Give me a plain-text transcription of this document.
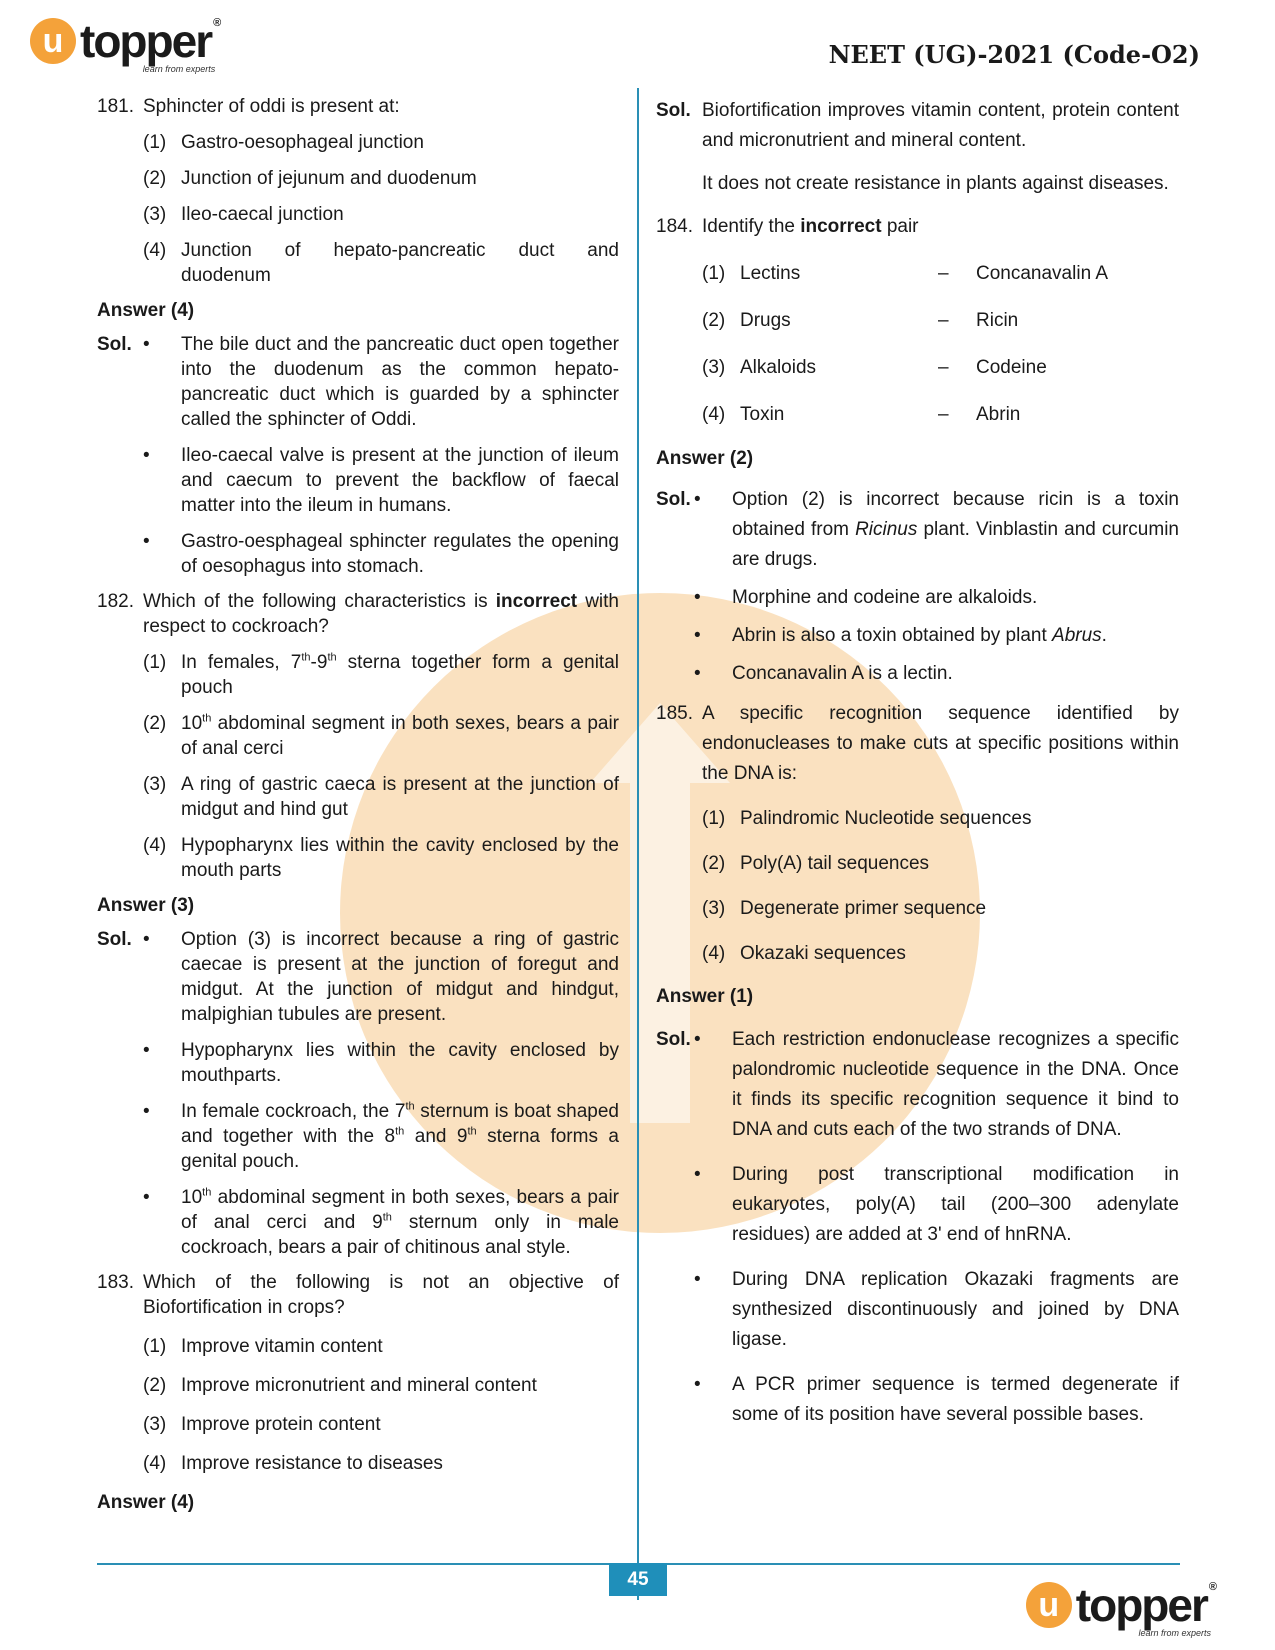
u topper ®
learn from experts	NEET (UG)-2021 (Code-O2)
181. Sphincter of oddi is present at:
(1) Gastro-oesophageal junction
(2) Junction of jejunum and duodenum
(3) Ileo-caecal junction
(4) Junction of hepato-pancreatic duct and duodenum
Answer (4)
Sol. •	The bile duct and the pancreatic duct open together into the duodenum as the common hepato-pancreatic duct which is guarded by a sphincter called the sphincter of Oddi.
•	Ileo-caecal valve is present at the junction of ileum and caecum to prevent the backflow of faecal matter into the ileum in humans.
•	Gastro-oesphageal sphincter regulates the opening of oesophagus into stomach.
182. Which of the following characteristics is incorrect with respect to cockroach?
(1) In females, 7th-9th sterna together form a genital pouch
(2) 10th abdominal segment in both sexes, bears a pair of anal cerci
(3) A ring of gastric caeca is present at the junction of midgut and hind gut
(4) Hypopharynx lies within the cavity enclosed by the mouth parts
Answer (3)
Sol. •	Option (3) is incorrect because a ring of gastric caecae is present at the junction of foregut and midgut. At the junction of midgut and hindgut, malpighian tubules are present.
•	Hypopharynx lies within the cavity enclosed by mouthparts.
•	In female cockroach, the 7th sternum is boat shaped and together with the 8th and 9th sterna forms a genital pouch.
•	10th abdominal segment in both sexes, bears a pair of anal cerci and 9th sternum only in male cockroach, bears a pair of chitinous anal style.
183. Which of the following is not an objective of Biofortification in crops?
(1) Improve vitamin content
(2) Improve micronutrient and mineral content
(3) Improve protein content
(4) Improve resistance to diseases
Answer (4)
Sol. Biofortification improves vitamin content, protein content and micronutrient and mineral content.
It does not create resistance in plants against diseases.
184. Identify the incorrect pair
(1) Lectins	–	Concanavalin A
(2) Drugs	–	Ricin
(3) Alkaloids	–	Codeine
(4) Toxin	–	Abrin
Answer (2)
Sol. •	Option (2) is incorrect because ricin is a toxin obtained from Ricinus plant. Vinblastin and curcumin are drugs.
•	Morphine and codeine are alkaloids.
•	Abrin is also a toxin obtained by plant Abrus.
•	Concanavalin A is a lectin.
185. A specific recognition sequence identified by endonucleases to make cuts at specific positions within the DNA is:
(1) Palindromic Nucleotide sequences
(2) Poly(A) tail sequences
(3) Degenerate primer sequence
(4) Okazaki sequences
Answer (1)
Sol. •	Each restriction endonuclease recognizes a specific palondromic nucleotide sequence in the DNA. Once it finds its specific recognition sequence it bind to DNA and cuts each of the two strands of DNA.
•	During post transcriptional modification in eukaryotes, poly(A) tail (200–300 adenylate residues) are added at 3' end of hnRNA.
•	During DNA replication Okazaki fragments are synthesized discontinuously and joined by DNA ligase.
•	A PCR primer sequence is termed degenerate if some of its position have several possible bases.
45
u topper ®
learn from experts
